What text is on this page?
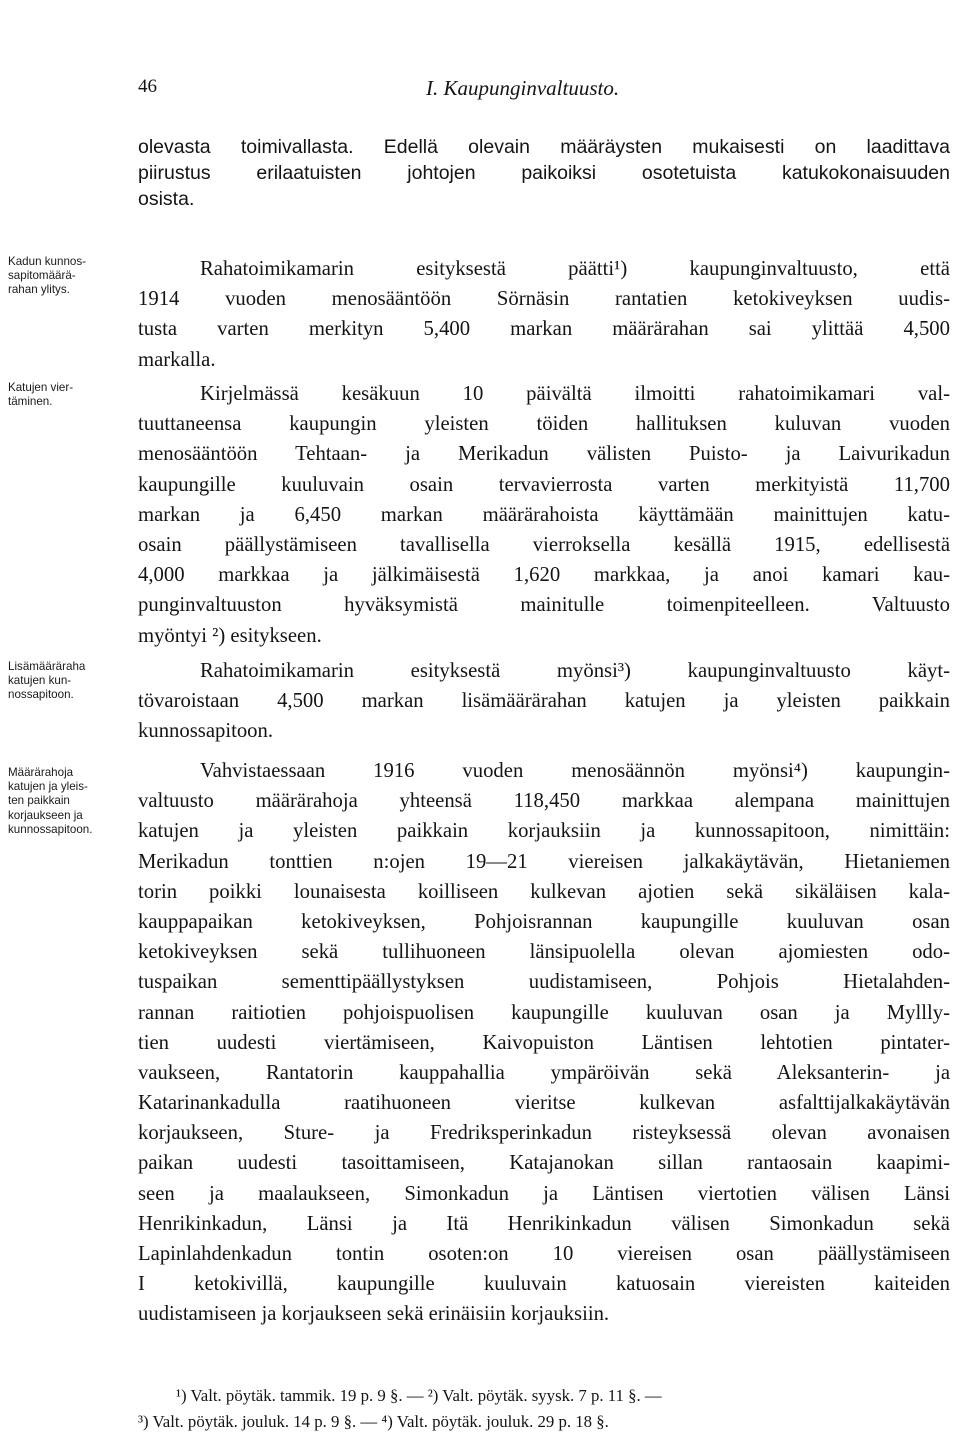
46	I. Kaupunginvaltuusto.
olevasta toimivallasta. Edellä olevain määräysten mukaisesti on laadittava
piirustus erilaatuisten johtojen paikoiksi osotetuista katukokonaisuuden
osista.
Kadun kunnos-
sapitomäärä-
rahan ylitys.
Rahatoimikamarin esityksestä päätti¹) kaupunginvaltuusto, että
1914 vuoden menosääntöön Sörnäsin rantatien ketokiveyksen uudis-
tusta varten merkityn 5,400 markan määrärahan sai ylittää 4,500
markalla.
Katujen vier-
täminen.	Kirjelmässä kesäkuun 10 päivältä ilmoitti rahatoimikamari val-
tuuttaneensa kaupungin yleisten töiden hallituksen kuluvan vuoden
menosääntöön Tehtaan- ja Merikadun välisten Puisto- ja Laivurikadun
kaupungille kuuluvain osain tervavierrosta varten merkityistä 11,700
markan ja 6,450 markan määrärahoista käyttämään mainittujen katu-
osain päällystämiseen tavallisella vierroksella kesällä 1915, edellisestä
4,000 markkaa ja jälkimäisestä 1,620 markkaa, ja anoi kamari kau-
punginvaltuuston hyväksymistä mainitulle toimenpiteelleen. Valtuusto
myöntyi ²) esitykseen.
Lisämääräraha
katujen kun-
nossapitoon.
Rahatoimikamarin esityksestä myönsi³) kaupunginvaltuusto käyt-
tövaroistaan 4,500 markan lisämäärärahan katujen ja yleisten paikkain
kunnossapitoon.
Määrärahoja
katujen ja yleis-
ten paikkain
korjaukseen ja
kunnossapitoon.
Vahvistaessaan 1916 vuoden menosäännön myönsi⁴) kaupungin-
valtuusto määrärahoja yhteensä 118,450 markkaa alempana mainittujen
katujen ja yleisten paikkain korjauksiin ja kunnossapitoon, nimittäin:
Merikadun tonttien n:ojen 19—21 viereisen jalkakäytävän, Hietaniemen
torin poikki lounaisesta koilliseen kulkevan ajotien sekä sikäläisen kala-
kauppapaikan ketokiveyksen, Pohjoisrannan kaupungille kuuluvan osan
ketokiveyksen sekä tullihuoneen länsipuolella olevan ajomiesten odo-
tuspaikan sementtipäällystyksen uudistamiseen, Pohjois Hietalahden-
rannan raitiotien pohjoispuolisen kaupungille kuuluvan osan ja Myllly-
tien uudesti viertämiseen, Kaivopuiston Läntisen lehtotien pintater-
vaukseen, Rantatorin kauppahallia ympäröivän sekä Aleksanterin- ja
Katarinankadulla raatihuoneen vieritse kulkevan asfalttijalkakäytävän
korjaukseen, Sture- ja Fredriksperinkadun risteyksessä olevan avonaisen
paikan uudesti tasoittamiseen, Katajanokan sillan rantaosain kaapimi-
seen ja maalaukseen, Simonkadun ja Läntisen viertotien välisen Länsi
Henrikinkadun, Länsi ja Itä Henrikinkadun välisen Simonkadun sekä
Lapinlahdenkadun tontin osoten:on 10 viereisen osan päällystämiseen
I ketokivillä, kaupungille kuuluvain katuosain viereisten kaiteiden
uudistamiseen ja korjaukseen sekä erinäisiin korjauksiin.
¹) Valt. pöytäk. tammik. 19 p. 9 §. — ²) Valt. pöytäk. syysk. 7 p. 11 §. —
³) Valt. pöytäk. jouluk. 14 p. 9 §. — ⁴) Valt. pöytäk. jouluk. 29 p. 18 §.
